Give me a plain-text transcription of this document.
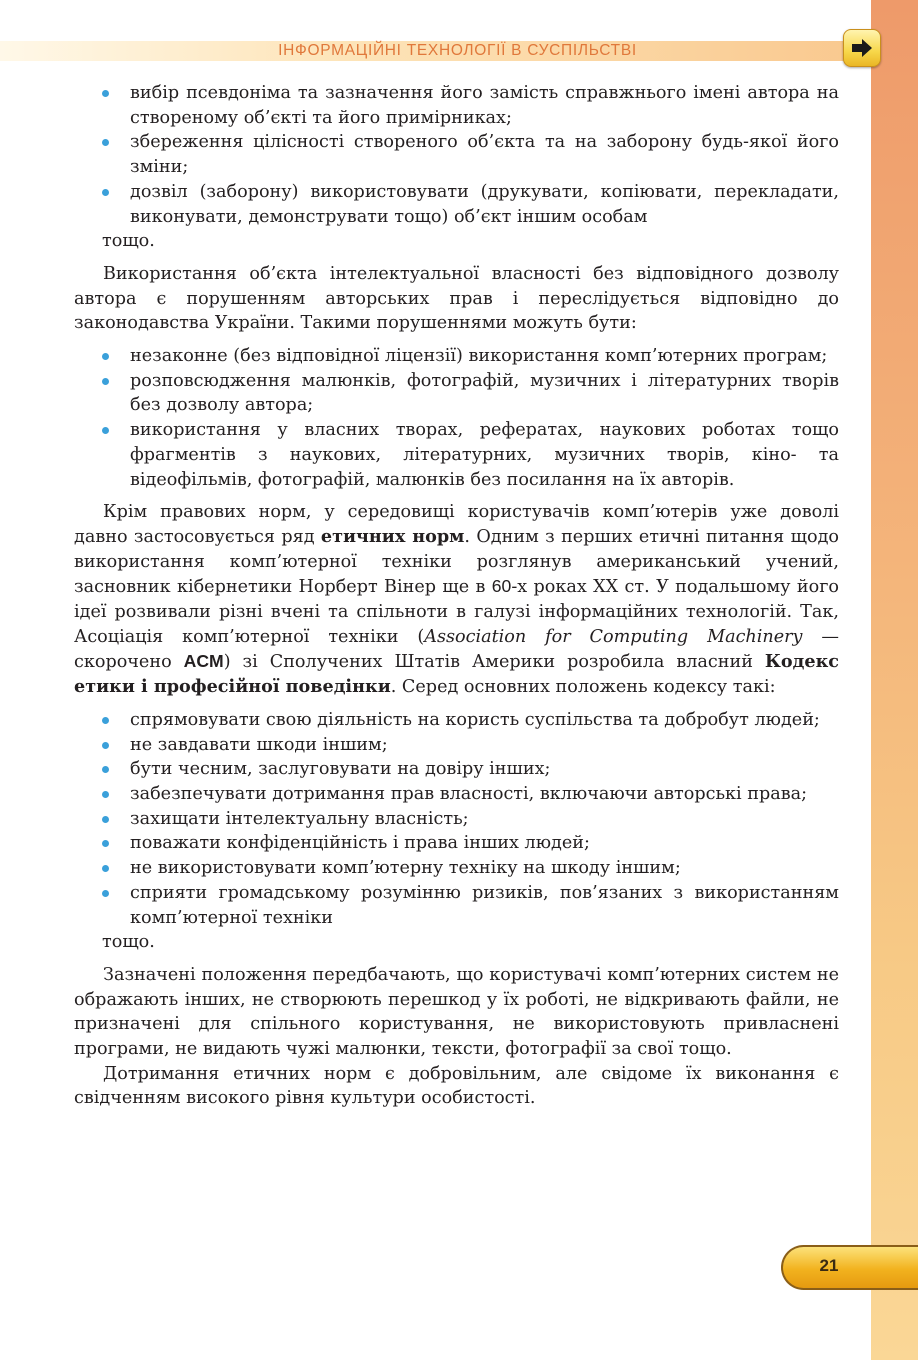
ІНФОРМАЦІЙНІ ТЕХНОЛОГІЇ В СУСПІЛЬСТВІ
вибір псевдоніма та зазначення його замість справжнього імені автора на створеному об’єкті та його примірниках;
збереження цілісності створеного об’єкта та на заборону будь-якої його зміни;
дозвіл (заборону) використовувати (друкувати, копіювати, перекладати, виконувати, демонструвати тощо) об’єкт іншим особам
тощо.

Використання об’єкта інтелектуальної власності без відповідного дозволу автора є порушенням авторських прав і переслідується відповідно до законодавства України. Такими порушеннями можуть бути:

незаконне (без відповідної ліцензії) використання комп’ютерних програм;
розповсюдження малюнків, фотографій, музичних і літературних творів без дозволу автора;
використання у власних творах, рефератах, наукових роботах тощо фрагментів з наукових, літературних, музичних творів, кіно- та відеофільмів, фотографій, малюнків без посилання на їх авторів.

Крім правових норм, у середовищі користувачів комп’ютерів уже доволі давно застосовується ряд етичних норм. Одним з перших етичні питання щодо використання комп’ютерної техніки розглянув американський учений, засновник кібернетики Норберт Вінер ще в 60-х роках ХХ ст. У подальшому його ідеї розвивали різні вчені та спільноти в галузі інформаційних технологій. Так, Асоціація комп’ютерної техніки (Association for Computing Machinery — скорочено ACM) зі Сполучених Штатів Америки розробила власний Кодекс етики і професійної поведінки. Серед основних положень кодексу такі:

спрямовувати свою діяльність на користь суспільства та добробут людей;
не завдавати шкоди іншим;
бути чесним, заслуговувати на довіру інших;
забезпечувати дотримання прав власності, включаючи авторські права;
захищати інтелектуальну власність;
поважати конфіденційність і права інших людей;
не використовувати комп’ютерну техніку на шкоду іншим;
сприяти громадському розумінню ризиків, пов’язаних з використанням комп’ютерної техніки
тощо.

Зазначені положення передбачають, що користувачі комп’ютерних систем не ображають інших, не створюють перешкод у їх роботі, не відкривають файли, не призначені для спільного користування, не використовують привласнені програми, не видають чужі малюнки, тексти, фотографії за свої тощо.

Дотримання етичних норм є добровільним, але свідоме їх виконання є свідченням високого рівня культури особистості.

21
